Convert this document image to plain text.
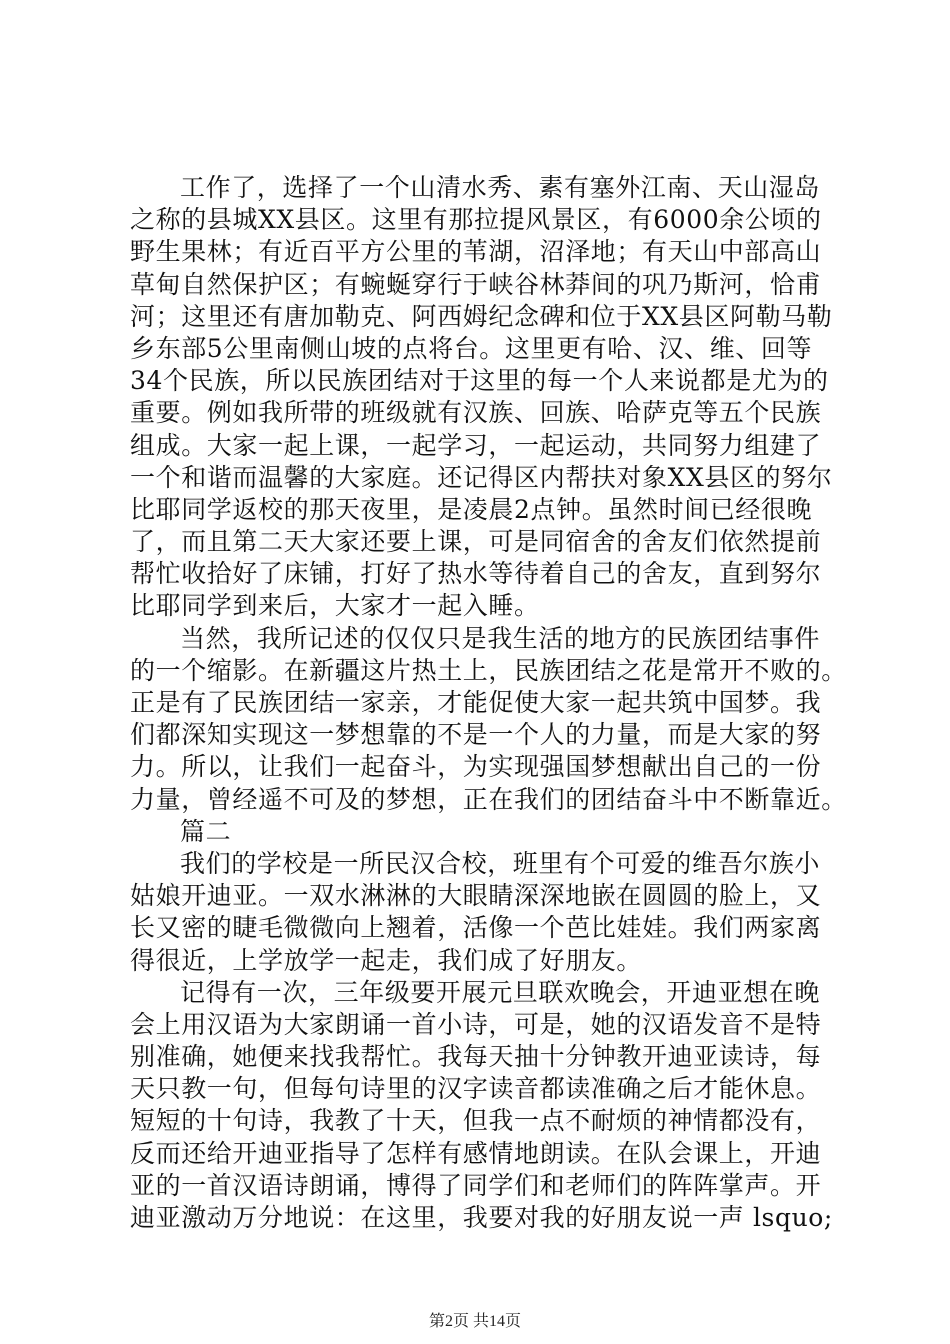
工作了，选择了一个山清水秀、素有塞外江南、天山湿岛
之称的县城XX县区。这里有那拉提风景区，有6000余公顷的
野生果林；有近百平方公里的苇湖，沼泽地；有天山中部高山
草甸自然保护区；有蜿蜒穿行于峡谷林莽间的巩乃斯河，恰甫
河；这里还有唐加勒克、阿西姆纪念碑和位于XX县区阿勒马勒
乡东部5公里南侧山坡的点将台。这里更有哈、汉、维、回等
34个民族，所以民族团结对于这里的每一个人来说都是尤为的
重要。例如我所带的班级就有汉族、回族、哈萨克等五个民族
组成。大家一起上课，一起学习，一起运动，共同努力组建了
一个和谐而温馨的大家庭。还记得区内帮扶对象XX县区的努尔
比耶同学返校的那天夜里，是凌晨2点钟。虽然时间已经很晚
了，而且第二天大家还要上课，可是同宿舍的舍友们依然提前
帮忙收拾好了床铺，打好了热水等待着自己的舍友，直到努尔
比耶同学到来后，大家才一起入睡。
当然，我所记述的仅仅只是我生活的地方的民族团结事件
的一个缩影。在新疆这片热土上，民族团结之花是常开不败的。
正是有了民族团结一家亲，才能促使大家一起共筑中国梦。我
们都深知实现这一梦想靠的不是一个人的力量，而是大家的努
力。所以，让我们一起奋斗，为实现强国梦想献出自己的一份
力量，曾经遥不可及的梦想，正在我们的团结奋斗中不断靠近。
篇二
我们的学校是一所民汉合校，班里有个可爱的维吾尔族小
姑娘开迪亚。一双水淋淋的大眼睛深深地嵌在圆圆的脸上，又
长又密的睫毛微微向上翘着，活像一个芭比娃娃。我们两家离
得很近，上学放学一起走，我们成了好朋友。
记得有一次，三年级要开展元旦联欢晚会，开迪亚想在晚
会上用汉语为大家朗诵一首小诗，可是，她的汉语发音不是特
别准确，她便来找我帮忙。我每天抽十分钟教开迪亚读诗，每
天只教一句，但每句诗里的汉字读音都读准确之后才能休息。
短短的十句诗，我教了十天，但我一点不耐烦的神情都没有，
反而还给开迪亚指导了怎样有感情地朗读。在队会课上，开迪
亚的一首汉语诗朗诵，博得了同学们和老师们的阵阵掌声。开
迪亚激动万分地说：在这里，我要对我的好朋友说一声 lsquo;
第2页 共14页
